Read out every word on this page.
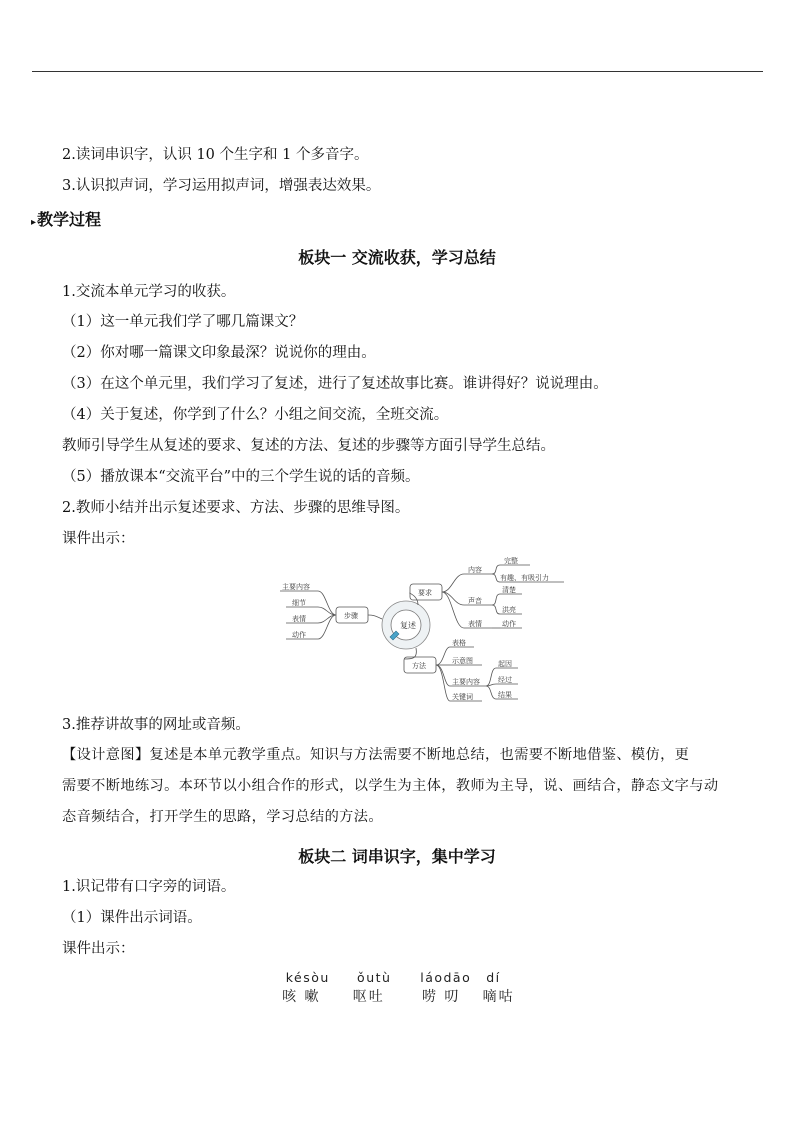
2.读词串识字，认识 10 个生字和 1 个多音字。
3.认识拟声词，学习运用拟声词，增强表达效果。
▸教学过程
板块一 交流收获，学习总结
1.交流本单元学习的收获。
（1）这一单元我们学了哪几篇课文？
（2）你对哪一篇课文印象最深？说说你的理由。
（3）在这个单元里，我们学习了复述，进行了复述故事比赛。谁讲得好？说说理由。
（4）关于复述，你学到了什么？小组之间交流，全班交流。
教师引导学生从复述的要求、复述的方法、复述的步骤等方面引导学生总结。
（5）播放课本“交流平台”中的三个学生说的话的音频。
2.教师小结并出示复述要求、方法、步骤的思维导图。
课件出示：
复述
步骤
主要内容
细节
表情
动作
要求
内容
完整
有趣、有吸引力
声音
清楚
洪亮
表情	动作
方法
表格
示意图
主要内容
关键词
起因
经过
结果
3.推荐讲故事的网址或音频。
【设计意图】复述是本单元教学重点。知识与方法需要不断地总结，也需要不断地借鉴、模仿，更
需要不断地练习。本环节以小组合作的形式，以学生为主体，教师为主导，说、画结合，静态文字与动
态音频结合，打开学生的思路，学习总结的方法。
板块二 词串识字，集中学习
1.识记带有口字旁的词语。
（1）课件出示词语。
课件出示：
késòu ǒutù láodāo dí
咳 嗽 呕吐	唠 叨 嘀咕
